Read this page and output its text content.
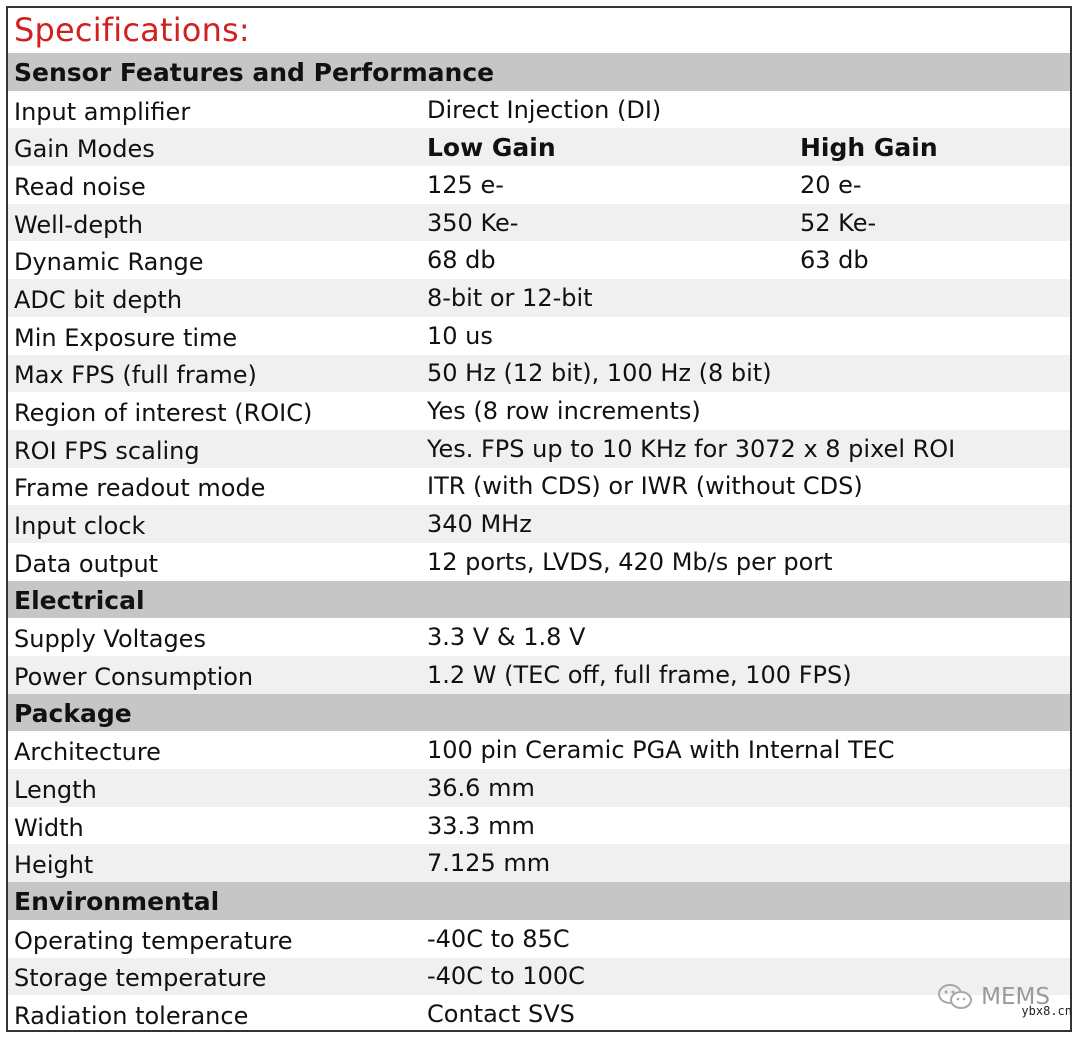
Specifications:
Sensor Features and Performance
Input amplifier	Direct Injection (DI)
Gain Modes	Low Gain	High Gain
Read noise	125 e-	20 e-
Well-depth	350 Ke-	52 Ke-
Dynamic Range	68 db	63 db
ADC bit depth	8-bit or 12-bit
Min Exposure time	10 us
Max FPS (full frame)	50 Hz (12 bit), 100 Hz (8 bit)
Region of interest (ROIC)	Yes (8 row increments)
ROI FPS scaling	Yes. FPS up to 10 KHz for 3072 x 8 pixel ROI
Frame readout mode	ITR (with CDS) or IWR (without CDS)
Input clock	340 MHz
Data output	12 ports, LVDS, 420 Mb/s per port
Electrical
Supply Voltages	3.3 V & 1.8 V
Power Consumption	1.2 W (TEC off, full frame, 100 FPS)
Package
Architecture	100 pin Ceramic PGA with Internal TEC
Length	36.6 mm
Width	33.3 mm
Height	7.125 mm
Environmental
Operating temperature	-40C to 85C
Storage temperature	-40C to 100C
Radiation tolerance	Contact SVS
MEMS
ybx8.cn
